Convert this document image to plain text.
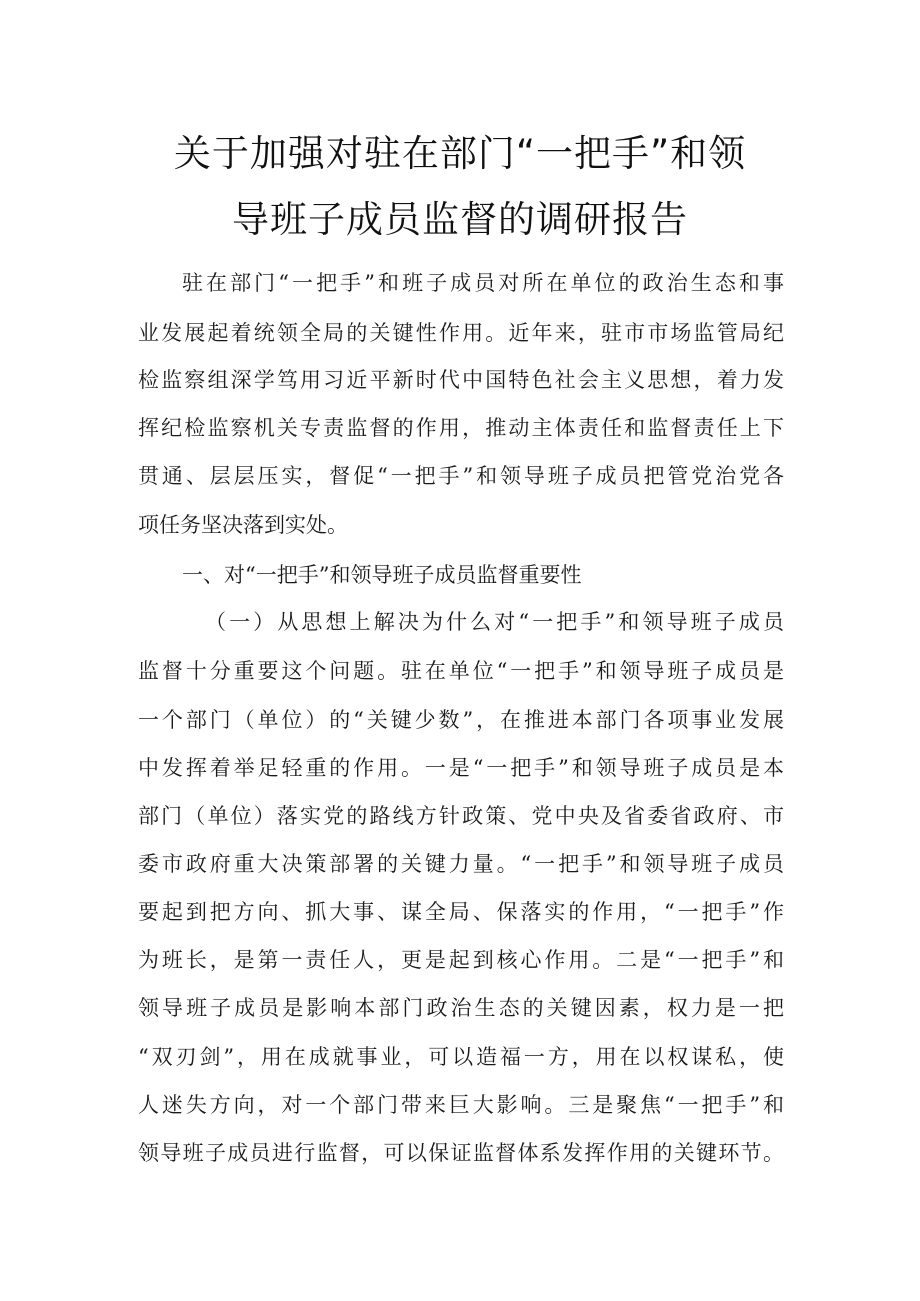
关于加强对驻在部门“一把手”和领
导班子成员监督的调研报告
驻在部门“一把手”和班子成员对所在单位的政治生态和事
业发展起着统领全局的关键性作用。近年来，驻市市场监管局纪
检监察组深学笃用习近平新时代中国特色社会主义思想，着力发
挥纪检监察机关专责监督的作用，推动主体责任和监督责任上下
贯通、层层压实，督促“一把手”和领导班子成员把管党治党各
项任务坚决落到实处。
一、对“一把手”和领导班子成员监督重要性
（一）从思想上解决为什么对“一把手”和领导班子成员
监督十分重要这个问题。驻在单位“一把手”和领导班子成员是
一个部门（单位）的“关键少数”，在推进本部门各项事业发展
中发挥着举足轻重的作用。一是“一把手”和领导班子成员是本
部门（单位）落实党的路线方针政策、党中央及省委省政府、市
委市政府重大决策部署的关键力量。“一把手”和领导班子成员
要起到把方向、抓大事、谋全局、保落实的作用，“一把手”作
为班长，是第一责任人，更是起到核心作用。二是“一把手”和
领导班子成员是影响本部门政治生态的关键因素，权力是一把
“双刃剑”，用在成就事业，可以造福一方，用在以权谋私，使
人迷失方向，对一个部门带来巨大影响。三是聚焦“一把手”和
领导班子成员进行监督，可以保证监督体系发挥作用的关键环节。
